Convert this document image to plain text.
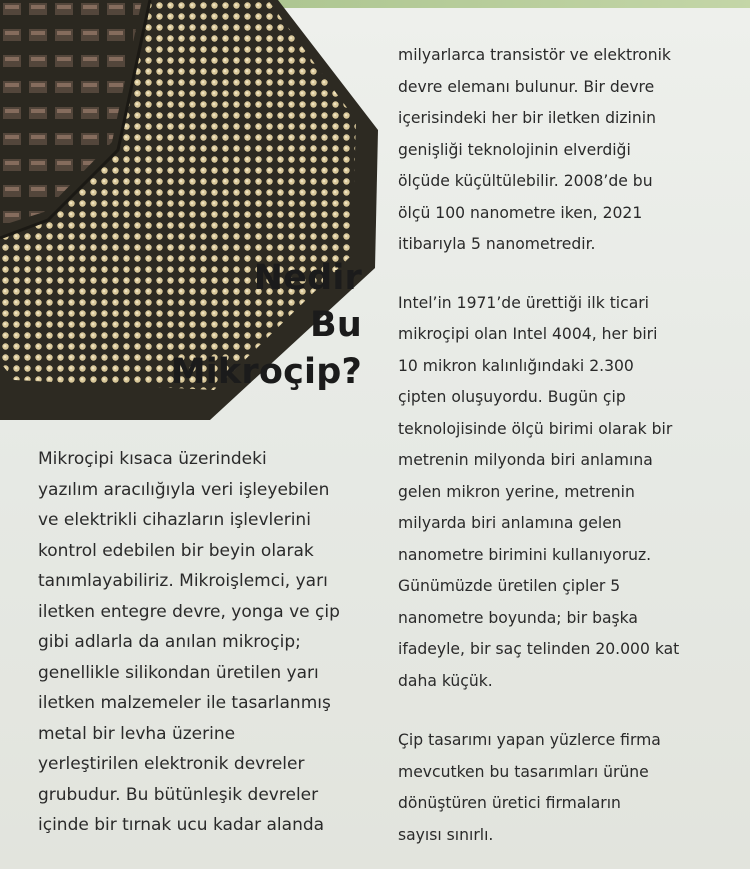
Nedir
Bu
Mikroçip?
Mikroçipi kısaca üzerindeki
yazılım aracılığıyla veri işleyebilen
ve elektrikli cihazların işlevlerini
kontrol edebilen bir beyin olarak
tanımlayabiliriz. Mikroişlemci, yarı
iletken entegre devre, yonga ve çip
gibi adlarla da anılan mikroçip;
genellikle silikondan üretilen yarı
iletken malzemeler ile tasarlanmış
metal bir levha üzerine
yerleştirilen elektronik devreler
grubudur. Bu bütünleşik devreler
içinde bir tırnak ucu kadar alanda
milyarlarca transistör ve elektronik
devre elemanı bulunur. Bir devre
içerisindeki her bir iletken dizinin
genişliği teknolojinin elverdiği
ölçüde küçültülebilir. 2008’de bu
ölçü 100 nanometre iken, 2021
itibarıyla 5 nanometredir.
Intel’in 1971’de ürettiği ilk ticari
mikroçipi olan Intel 4004, her biri
10 mikron kalınlığındaki 2.300
çipten oluşuyordu. Bugün çip
teknolojisinde ölçü birimi olarak bir
metrenin milyonda biri anlamına
gelen mikron yerine, metrenin
milyarda biri anlamına gelen
nanometre birimini kullanıyoruz.
Günümüzde üretilen çipler 5
nanometre boyunda; bir başka
ifadeyle, bir saç telinden 20.000 kat
daha küçük.
Çip tasarımı yapan yüzlerce firma
mevcutken bu tasarımları ürüne
dönüştüren üretici firmaların
sayısı sınırlı.
